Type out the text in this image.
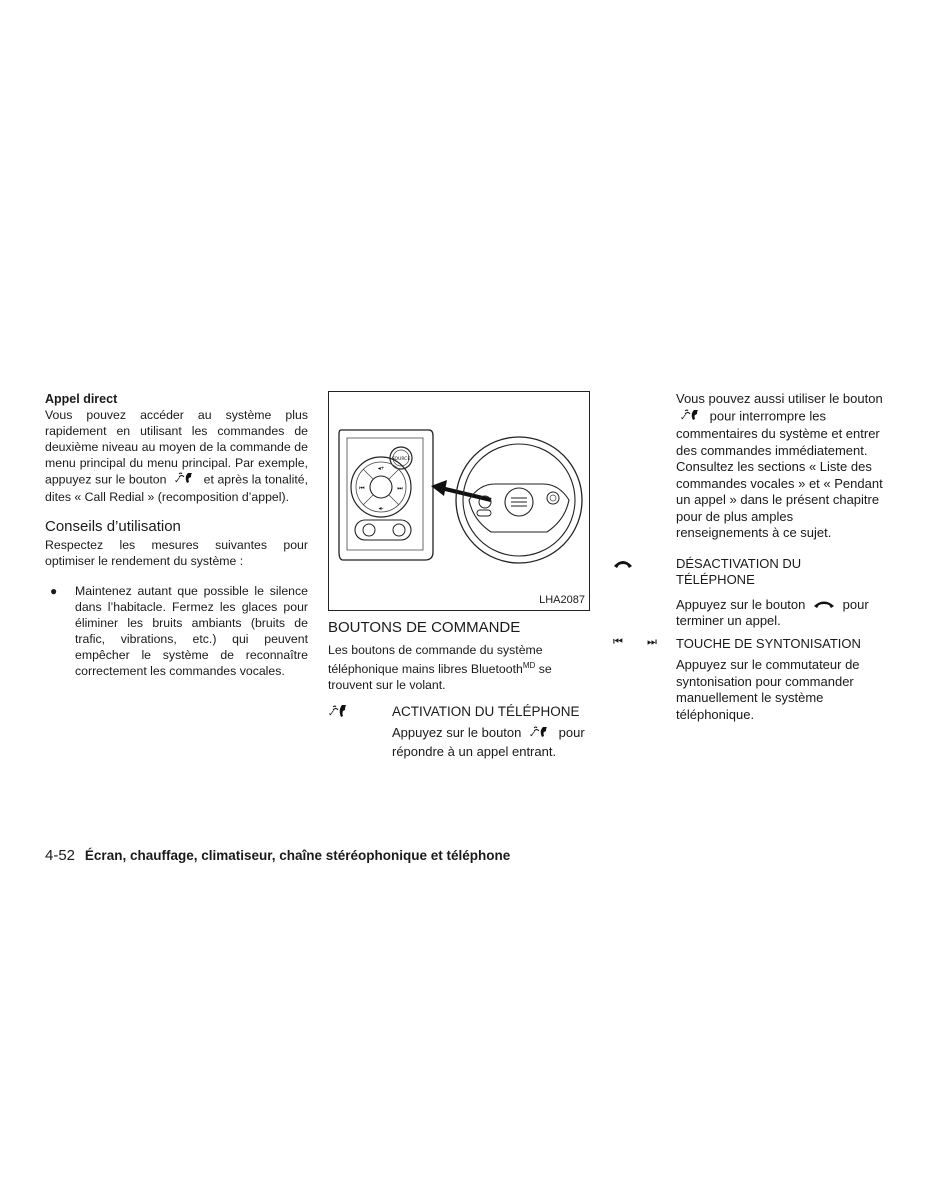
Appel direct

Vous pouvez accéder au système plus rapidement en utilisant les commandes de deuxième niveau au moyen de la commande de menu principal du menu principal. Par exemple, appuyez sur le bouton ✓ et après la tonalité, dites « Call Redial » (recomposition d’appel).

Conseils d’utilisation

Respectez les mesures suivantes pour optimiser le rendement du système :

●	Maintenez autant que possible le silence dans l’habitacle. Fermez les glaces pour éliminer les bruits ambiants (bruits de trafic, vibrations, etc.) qui peuvent empêcher le système de reconnaître correctement les commandes vocales.
SOURCE
◂+
◂-
⏮	⏭
LHA2087

BOUTONS DE COMMANDE

Les boutons de commande du système téléphonique mains libres Bluetooth$^{MD}$ se trouvent sur le volant.

✓	ACTIVATION DU TÉLÉPHONE

Appuyez sur le bouton ✓ pour répondre à un appel entrant.

Vous pouvez aussi utiliser le bouton
✓ pour interrompre les commentaires du système et entrer des commandes immédiatement. Consultez les sections « Liste des commandes vocales » et « Pendant un appel » dans le présent chapitre pour de plus amples renseignements à ce sujet.

DÉSACTIVATION DU TÉLÉPHONE

Appuyez sur le bouton	pour terminer un appel.

⏮ ⏭	TOUCHE DE SYNTONISATION

Appuyez sur le commutateur de syntonisation pour commander manuellement le système téléphonique.

4-52 Écran, chauffage, climatiseur, chaîne stéréophonique et téléphone
